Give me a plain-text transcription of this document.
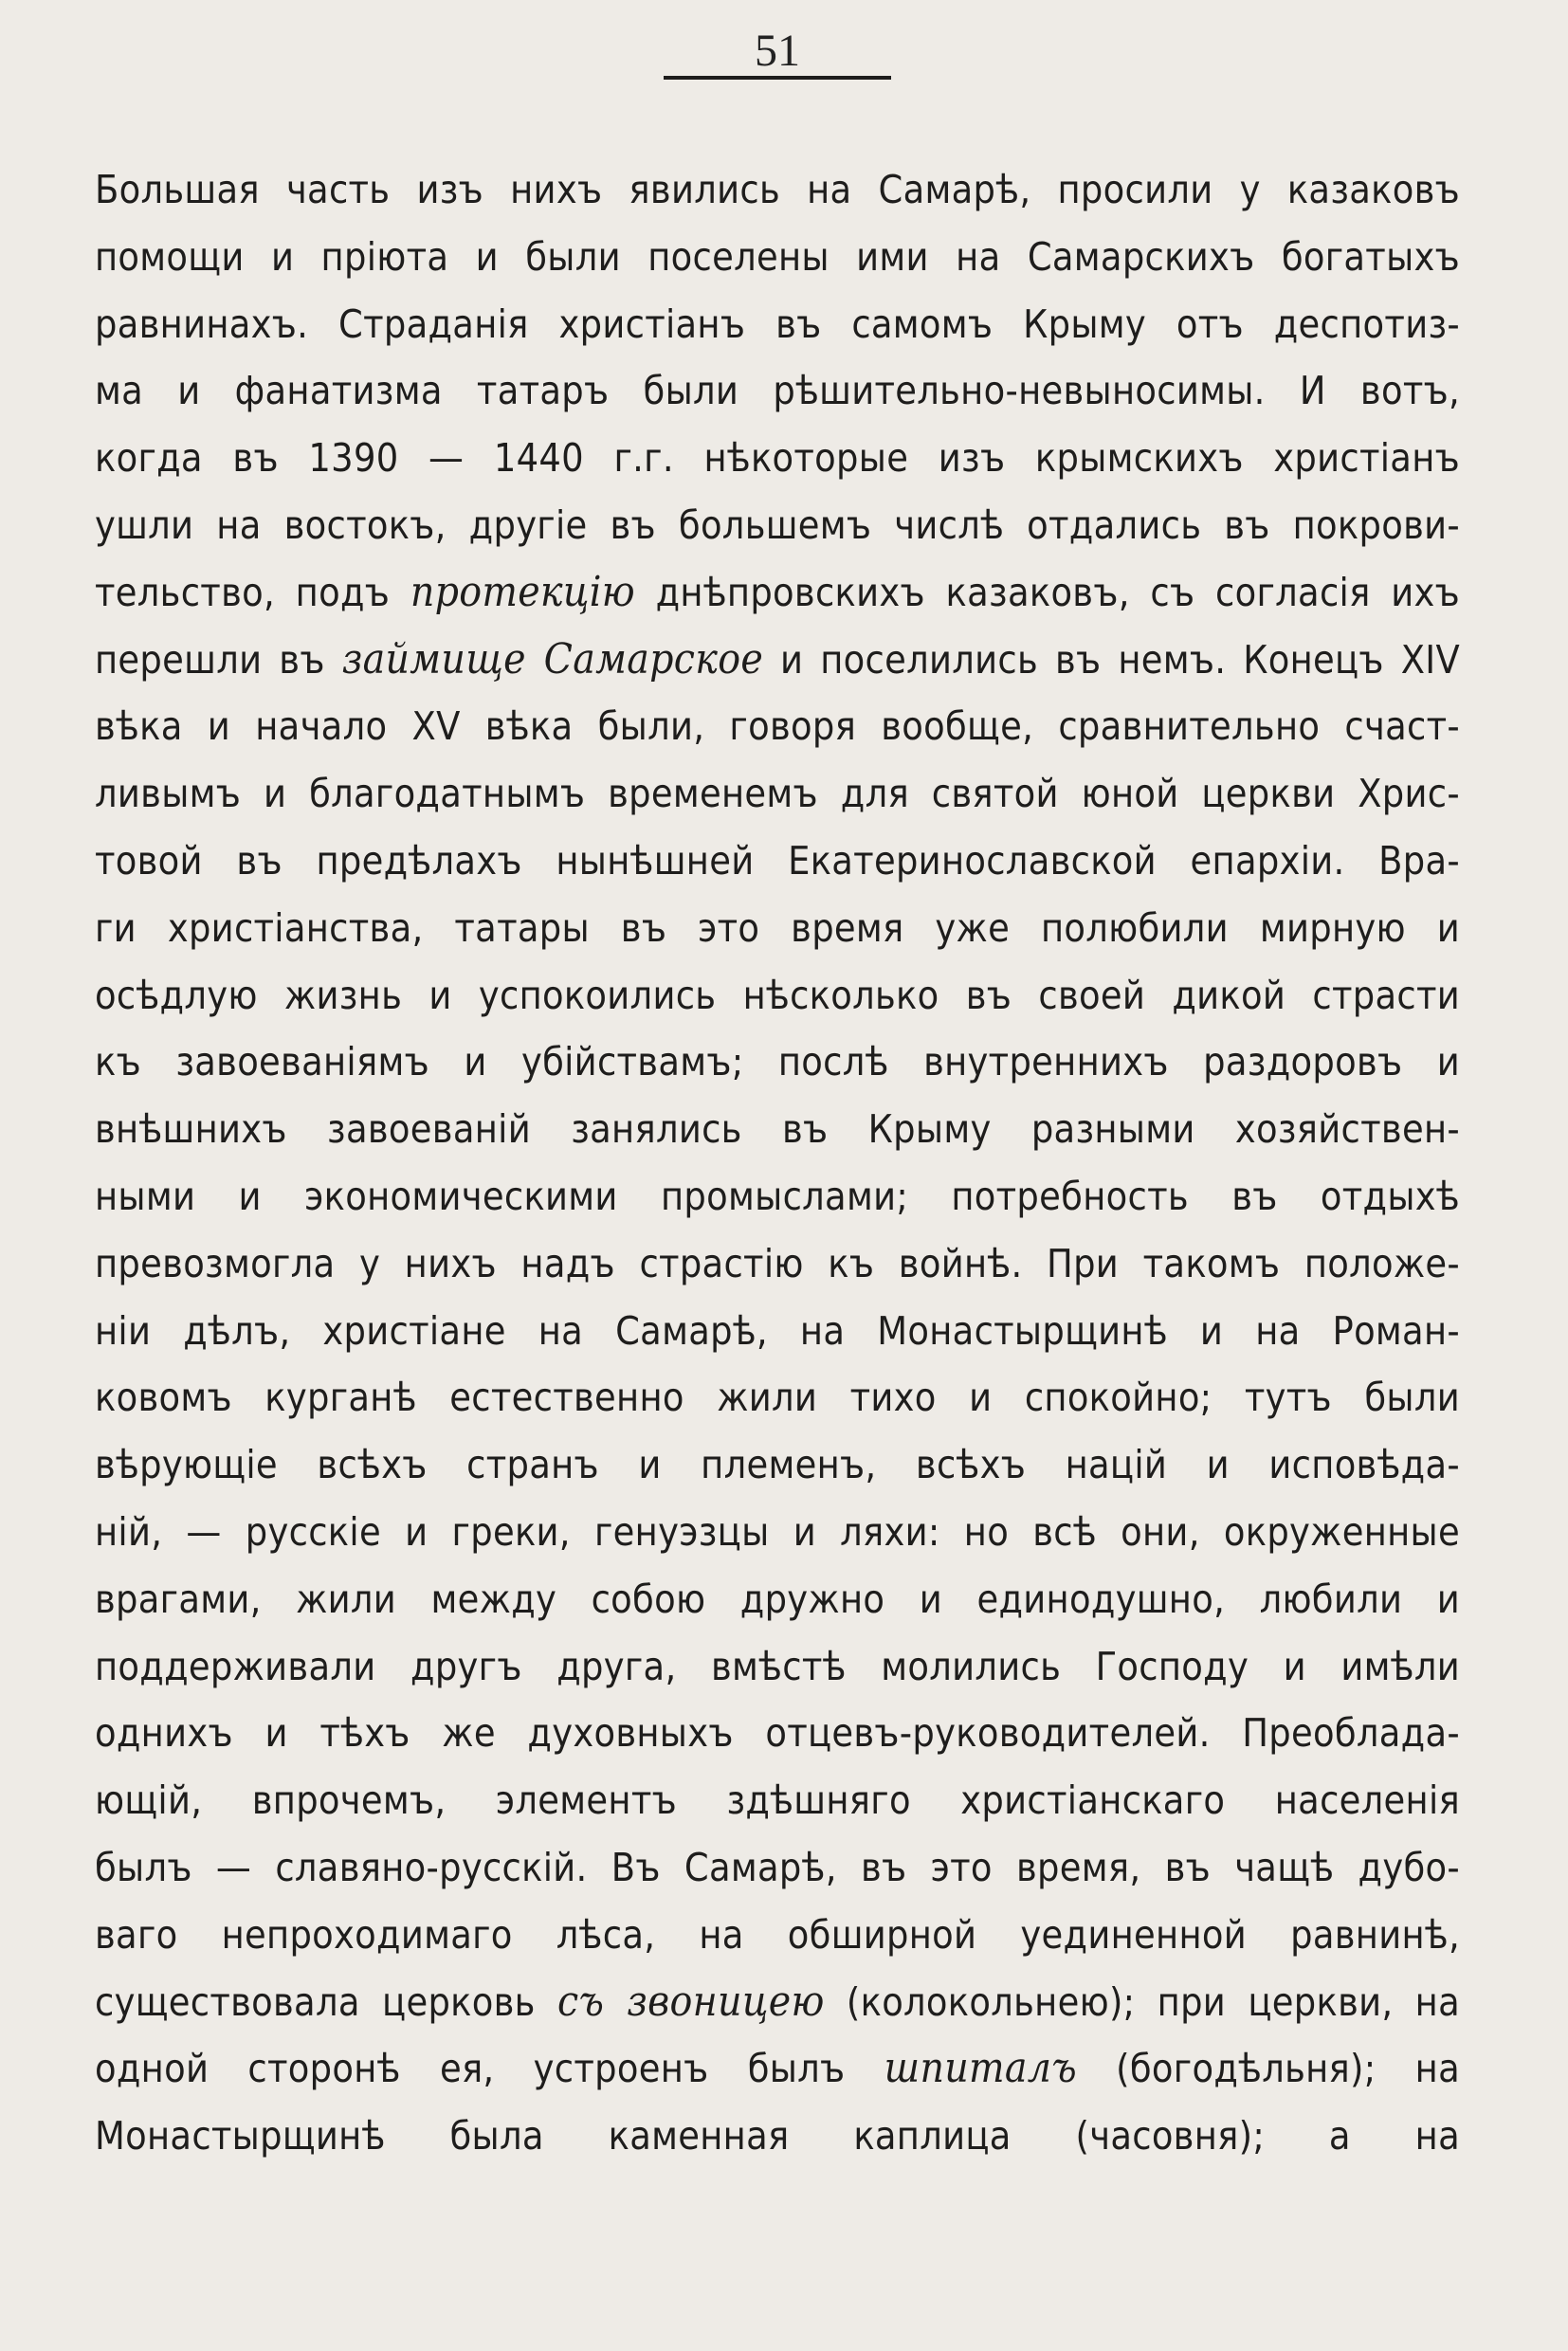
51
Большая часть изъ нихъ явились на Самарѣ, просили у казаковъ
помощи и прiюта и были поселены ими на Самарскихъ богатыхъ
равнинахъ. Страданiя христiанъ въ самомъ Крыму отъ деспотиз-
ма и фанатизма татаръ были рѣшительно-невыносимы. И вотъ,
когда въ 1390 — 1440 г.г. нѣкоторые изъ крымскихъ христiанъ
ушли на востокъ, другiе въ большемъ числѣ отдались въ покрови-
тельство, подъ протекцiю днѣпровскихъ казаковъ, съ согласiя ихъ
перешли въ займище Самарское и поселились въ немъ. Конецъ XIV
вѣка и начало XV вѣка были, говоря вообще, сравнительно счаст-
ливымъ и благодатнымъ временемъ для святой юной церкви Хрис-
товой въ предѣлахъ нынѣшней Екатеринославской епархiи. Вра-
ги христiанства, татары въ это время уже полюбили мирную и
осѣдлую жизнь и успокоились нѣсколько въ своей дикой страсти
къ завоеванiямъ и убiйствамъ; послѣ внутреннихъ раздоровъ и
внѣшнихъ завоеванiй занялись въ Крыму разными хозяйствен-
ными и экономическими промыслами; потребность въ отдыхѣ
превозмогла у нихъ надъ страстiю къ войнѣ. При такомъ положе-
нiи дѣлъ, христiане на Самарѣ, на Монастырщинѣ и на Роман-
ковомъ курганѣ естественно жили тихо и спокойно; тутъ были
вѣрующiе всѣхъ странъ и племенъ, всѣхъ нацiй и исповѣда-
нiй, — русскiе и греки, генуэзцы и ляхи: но всѣ они, окруженные
врагами, жили между собою дружно и единодушно, любили и
поддерживали другъ друга, вмѣстѣ молились Господу и имѣли
однихъ и тѣхъ же духовныхъ отцевъ-руководителей. Преоблада-
ющiй, впрочемъ, элементъ здѣшняго христiанскаго населенiя
былъ — славяно-русскiй. Въ Самарѣ, въ это время, въ чащѣ дубо-
ваго непроходимаго лѣса, на обширной уединенной равнинѣ,
существовала церковь съ звоницею (колокольнею); при церкви, на
одной сторонѣ ея, устроенъ былъ шпиталъ (богодѣльня); на
Монастырщинѣ была каменная каплица (часовня); а на
